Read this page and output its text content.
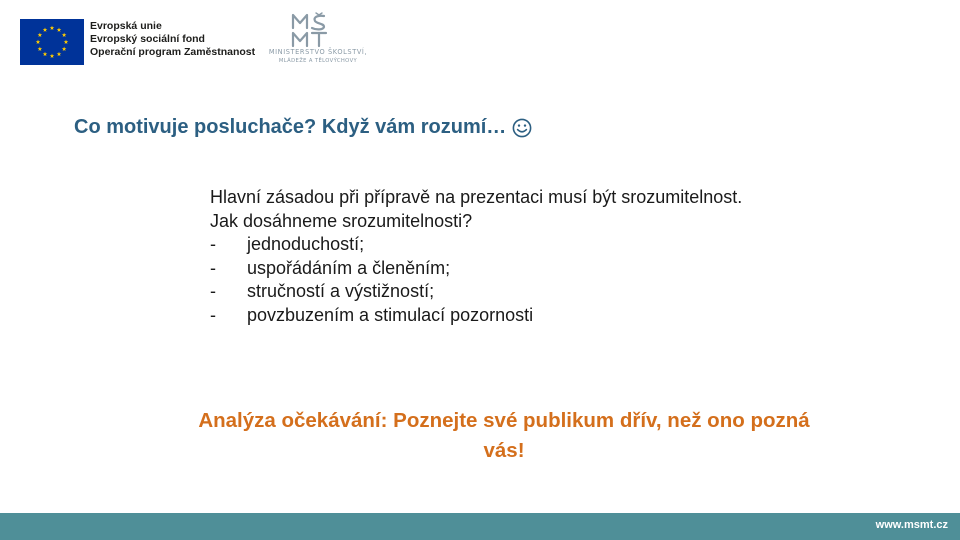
Evropská unie
Evropský sociální fond
Operační program Zaměstnanost	MINISTERSTVO ŠKOLSTVÍ,
MLÁDEŽE A TĚLOVÝCHOVY
Co motivuje posluchače? Když vám rozumí…

Hlavní zásadou při přípravě na prezentaci musí být srozumitelnost. Jak dosáhneme srozumitelnosti?

-	jednoduchostí;
-	uspořádáním a členěním;
-	stručností a výstižností;
-	povzbuzením a stimulací pozornosti
Analýza očekávání: Poznejte své publikum dřív, než ono pozná vás!
www.msmt.cz
